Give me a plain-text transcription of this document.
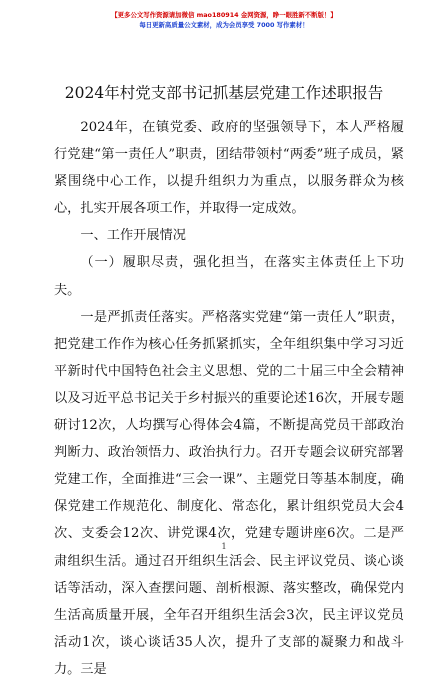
【更多公文写作资源请加微信 mao180914 金网资源，睁一眼胜新不断版！】
每日更新高质量公文素材，成为会员享受 7000 写作素材！
2024年村党支部书记抓基层党建工作述职报告

2024年，在镇党委、政府的坚强领导下，本人严格履行党建“第一责任人”职责，团结带领村“两委”班子成员，紧紧围绕中心工作，以提升组织力为重点，以服务群众为核心，扎实开展各项工作，并取得一定成效。

一、工作开展情况

（一）履职尽责，强化担当，在落实主体责任上下功夫。

一是严抓责任落实。严格落实党建“第一责任人”职责，把党建工作作为核心任务抓紧抓实，全年组织集中学习习近平新时代中国特色社会主义思想、党的二十届三中全会精神以及习近平总书记关于乡村振兴的重要论述16次，开展专题研讨12次，人均撰写心得体会4篇，不断提高党员干部政治判断力、政治领悟力、政治执行力。召开专题会议研究部署党建工作，全面推进“三会一课”、主题党日等基本制度，确保党建工作规范化、制度化、常态化，累计组织党员大会4次、支委会12次、讲党课4次，党建专题讲座6次。二是严肃组织生活。通过召开组织生活会、民主评议党员、谈心谈话等活动，深入查摆问题、剖析根源、落实整改，确保党内生活高质量开展，全年召开组织生活会3次，民主评议党员活动1次，谈心谈话35人次，提升了支部的凝聚力和战斗力。三是

1
